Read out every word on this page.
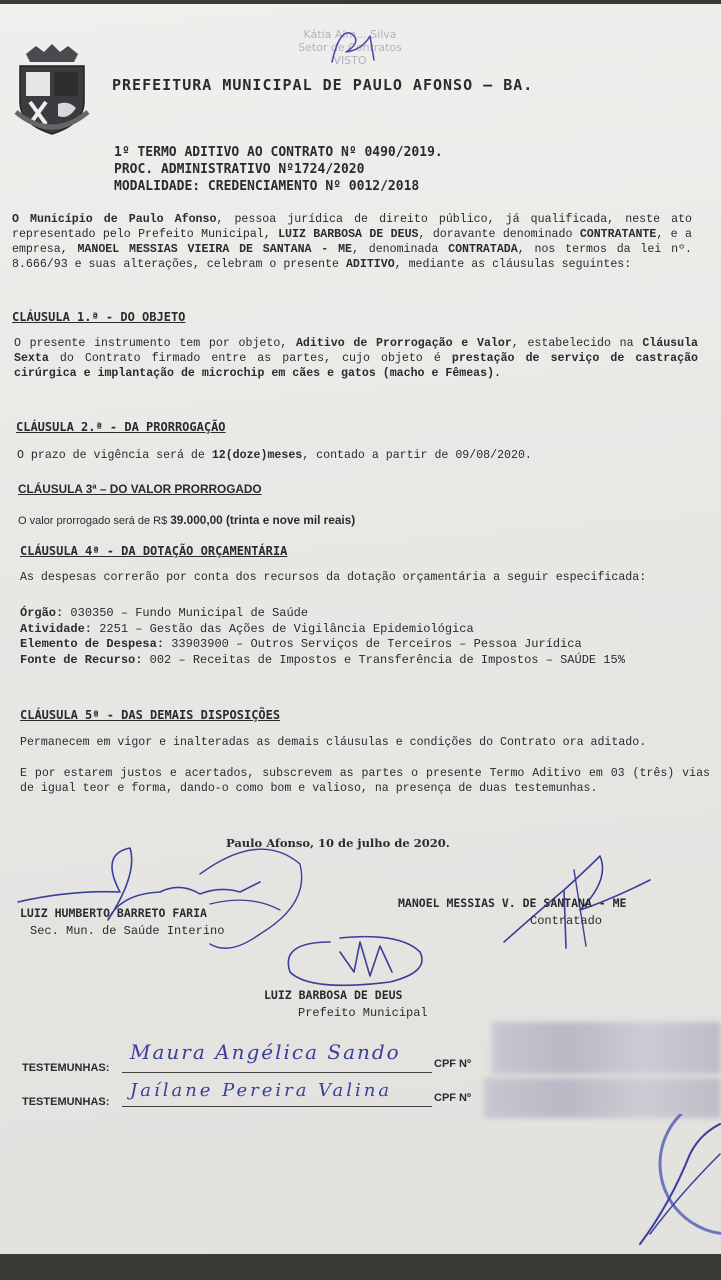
Kátia Alm... Silva
Setor de Contratos
VISTO
PREFEITURA MUNICIPAL DE PAULO AFONSO – BA.
1º TERMO ADITIVO AO CONTRATO Nº 0490/2019.
PROC. ADMINISTRATIVO Nº1724/2020
MODALIDADE: CREDENCIAMENTO Nº 0012/2018
O Município de Paulo Afonso, pessoa jurídica de direito público, já qualificada, neste ato representado pelo Prefeito Municipal, LUIZ BARBOSA DE DEUS, doravante denominado CONTRATANTE, e a empresa, MANOEL MESSIAS VIEIRA DE SANTANA - ME, denominada CONTRATADA, nos termos da lei nº. 8.666/93 e suas alterações, celebram o presente ADITIVO, mediante as cláusulas seguintes:
CLÁUSULA 1.ª - DO OBJETO
O presente instrumento tem por objeto, Aditivo de Prorrogação e Valor, estabelecido na Cláusula Sexta do Contrato firmado entre as partes, cujo objeto é prestação de serviço de castração cirúrgica e implantação de microchip em cães e gatos (macho e Fêmeas).
CLÁUSULA 2.ª - DA PRORROGAÇÃO
O prazo de vigência será de 12(doze)meses, contado a partir de 09/08/2020.
CLÁUSULA 3ª – DO VALOR PRORROGADO
O valor prorrogado será de R$ 39.000,00 (trinta e nove mil reais)
CLÁUSULA 4ª - DA DOTAÇÃO ORÇAMENTÁRIA
As despesas correrão por conta dos recursos da dotação orçamentária a seguir especificada:
Órgão: 030350 – Fundo Municipal de Saúde
Atividade: 2251 – Gestão das Ações de Vigilância Epidemiológica
Elemento de Despesa: 33903900 – Outros Serviços de Terceiros – Pessoa Jurídica
Fonte de Recurso: 002 – Receitas de Impostos e Transferência de Impostos – SAÚDE 15%
CLÁUSULA 5ª - DAS DEMAIS DISPOSIÇÕES
Permanecem em vigor e inalteradas as demais cláusulas e condições do Contrato ora aditado.
E por estarem justos e acertados, subscrevem as partes o presente Termo Aditivo em 03 (três) vias de igual teor e forma, dando-o como bom e valioso, na presença de duas testemunhas.
Paulo Afonso, 10 de julho de 2020.
LUIZ HUMBERTO BARRETO FARIA
Sec. Mun. de Saúde Interino
MANOEL MESSIAS V. DE SANTANA - ME
Contratado
LUIZ BARBOSA DE DEUS
Prefeito Municipal
TESTEMUNHAS:
Maura Angélica Sando	CPF Nº
TESTEMUNHAS:
Jaílane Pereira Valina	CPF Nº
